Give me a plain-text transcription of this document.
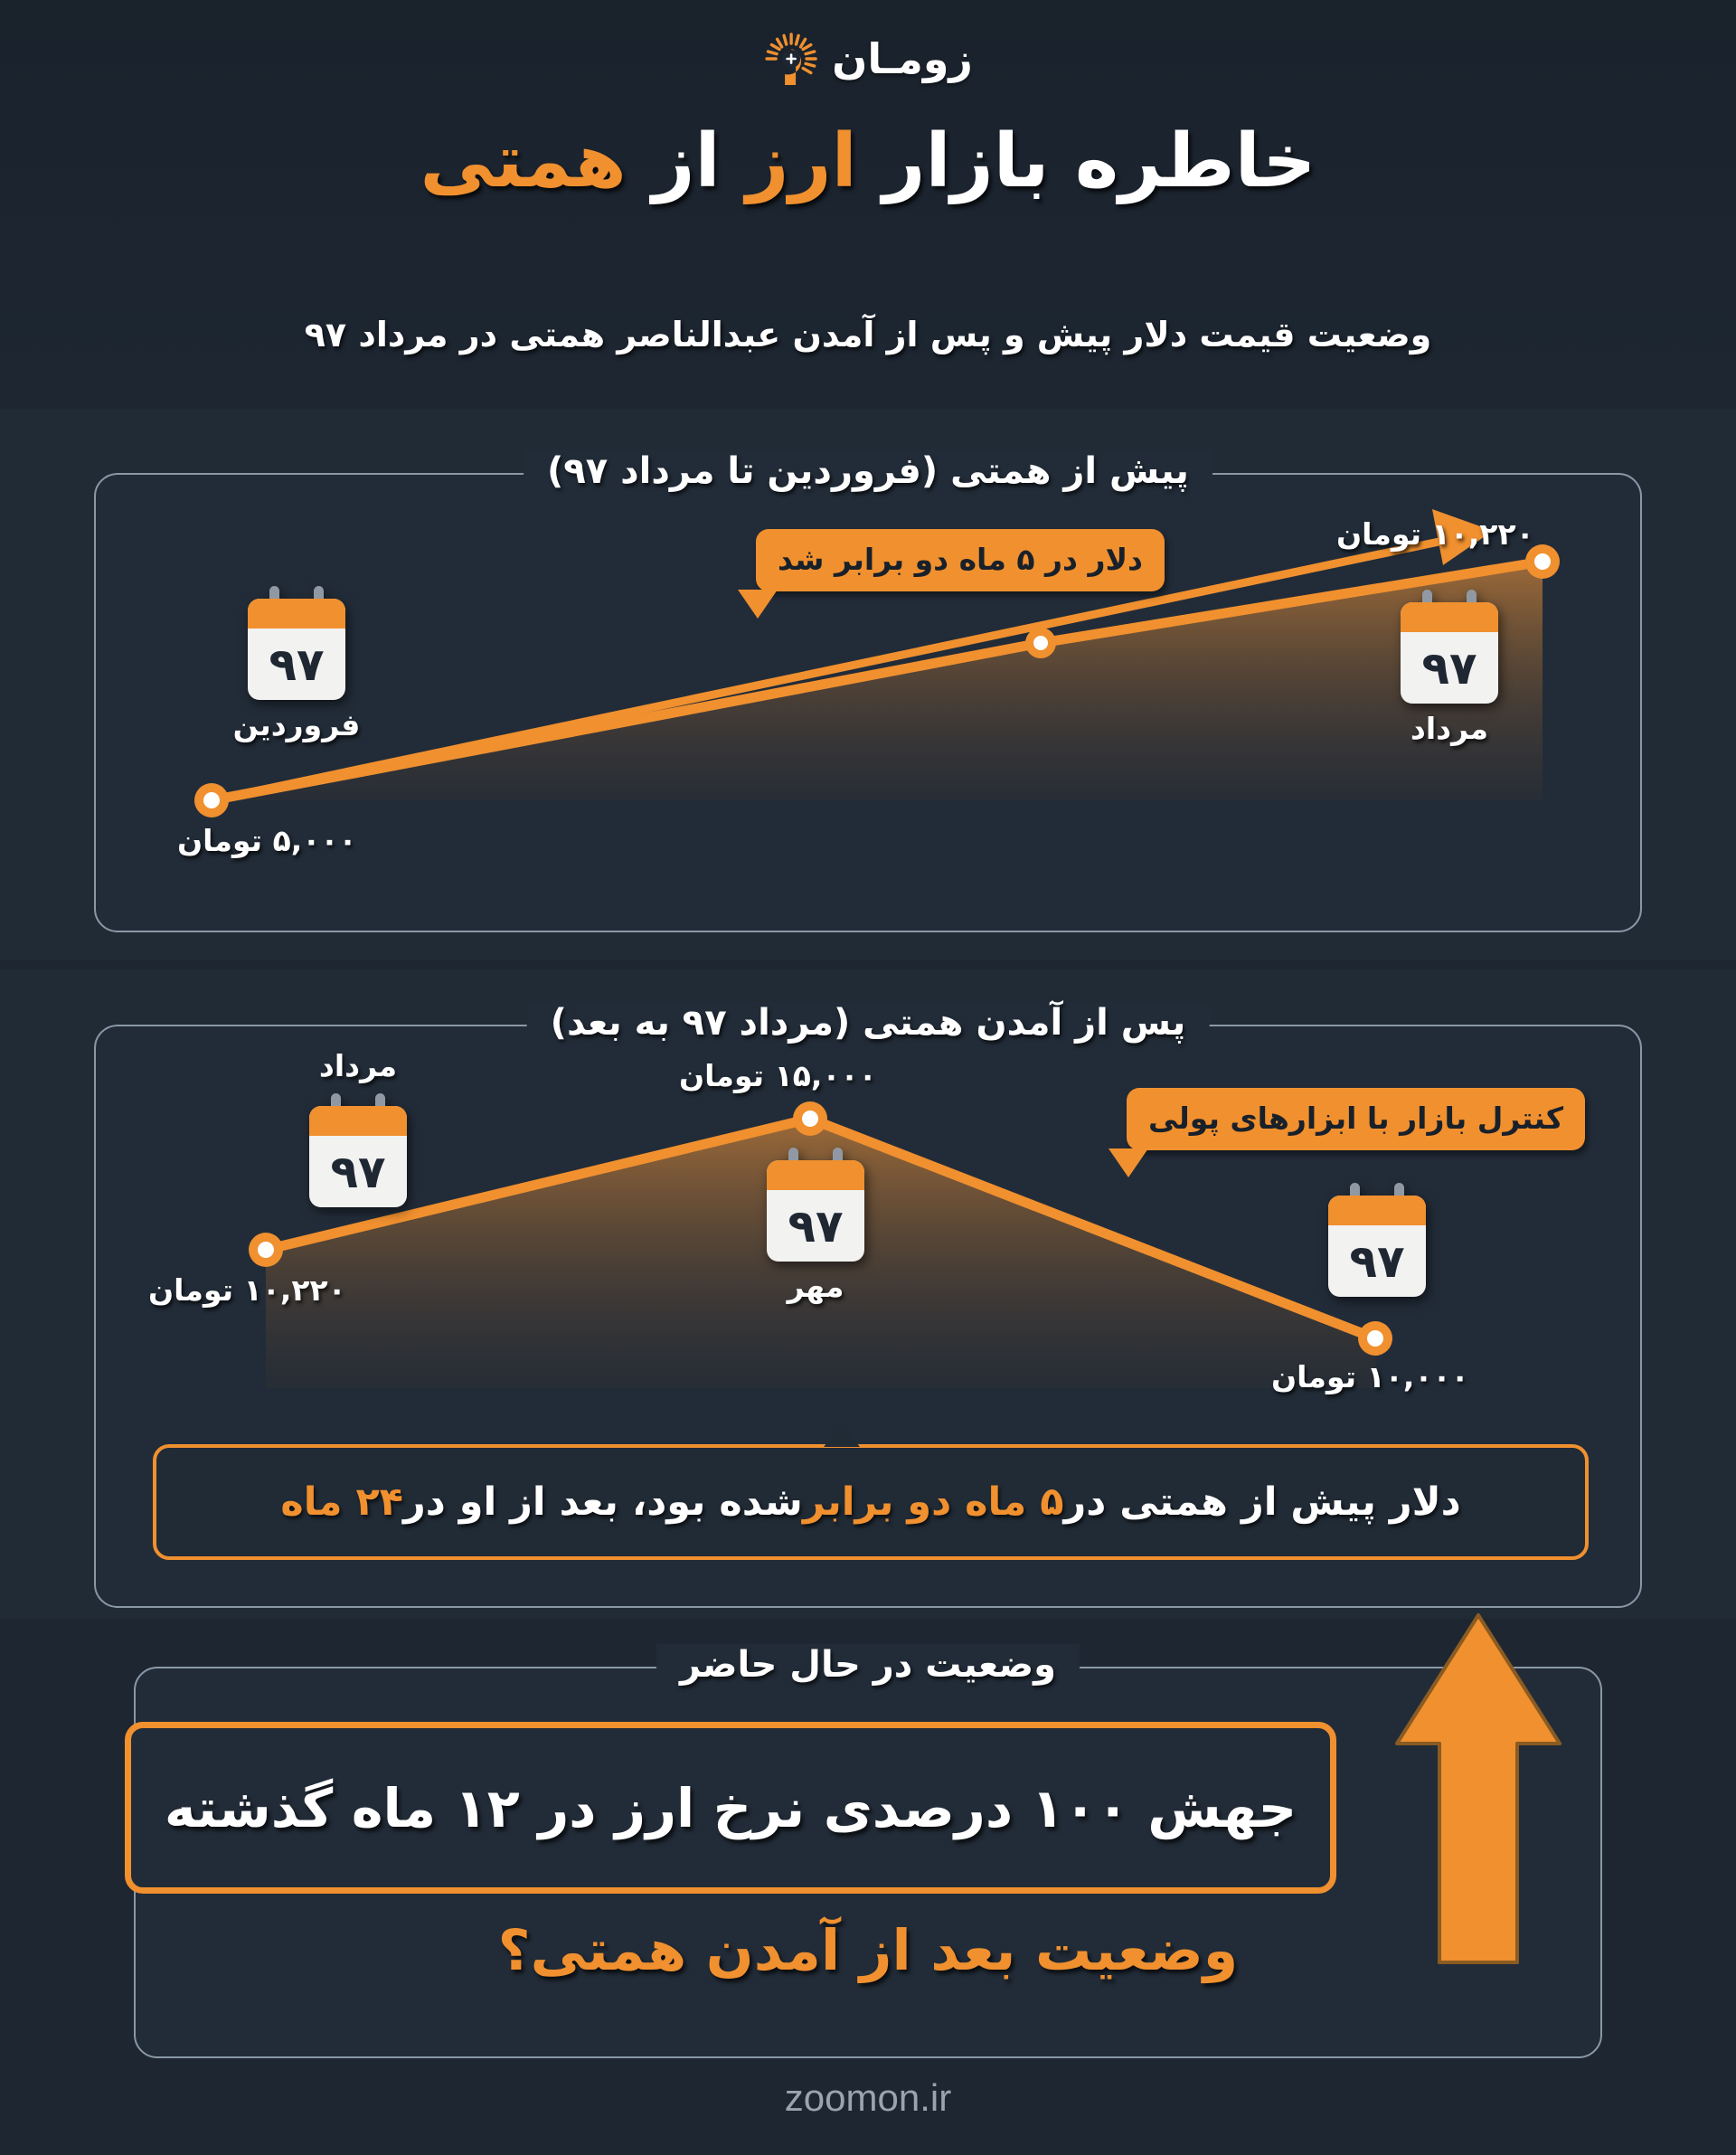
زومـان
خاطره بازار ارز از همتی
وضعیت قیمت دلار پیش و پس از آمدن عبدالناصر همتی در مرداد ۹۷
پیش از همتی (فروردین تا مرداد ۹۷)
۹۷
مرداد
۱۰,۲۲۰ تومان
۹۷
فروردین
۵,۰۰۰ تومان
دلار در ۵ ماه دو برابر شد
پس از آمدن همتی (مرداد ۹۷ به بعد)
۹۷
مرداد
۱۰,۲۲۰ تومان
۹۷
مهر
۱۵,۰۰۰ تومان
۹۷
۱۰,۰۰۰ تومان
کنترل بازار با ابزارهای پولی
دلار پیش از همتی در
۵ ماه دو برابر
شده بود، بعد از او در
۲۴ ماه
وضعیت در حال حاضر
جهش ۱۰۰ درصدی نرخ ارز در ۱۲ ماه گذشته
وضعیت بعد از آمدن همتی؟
zoomon.ir
